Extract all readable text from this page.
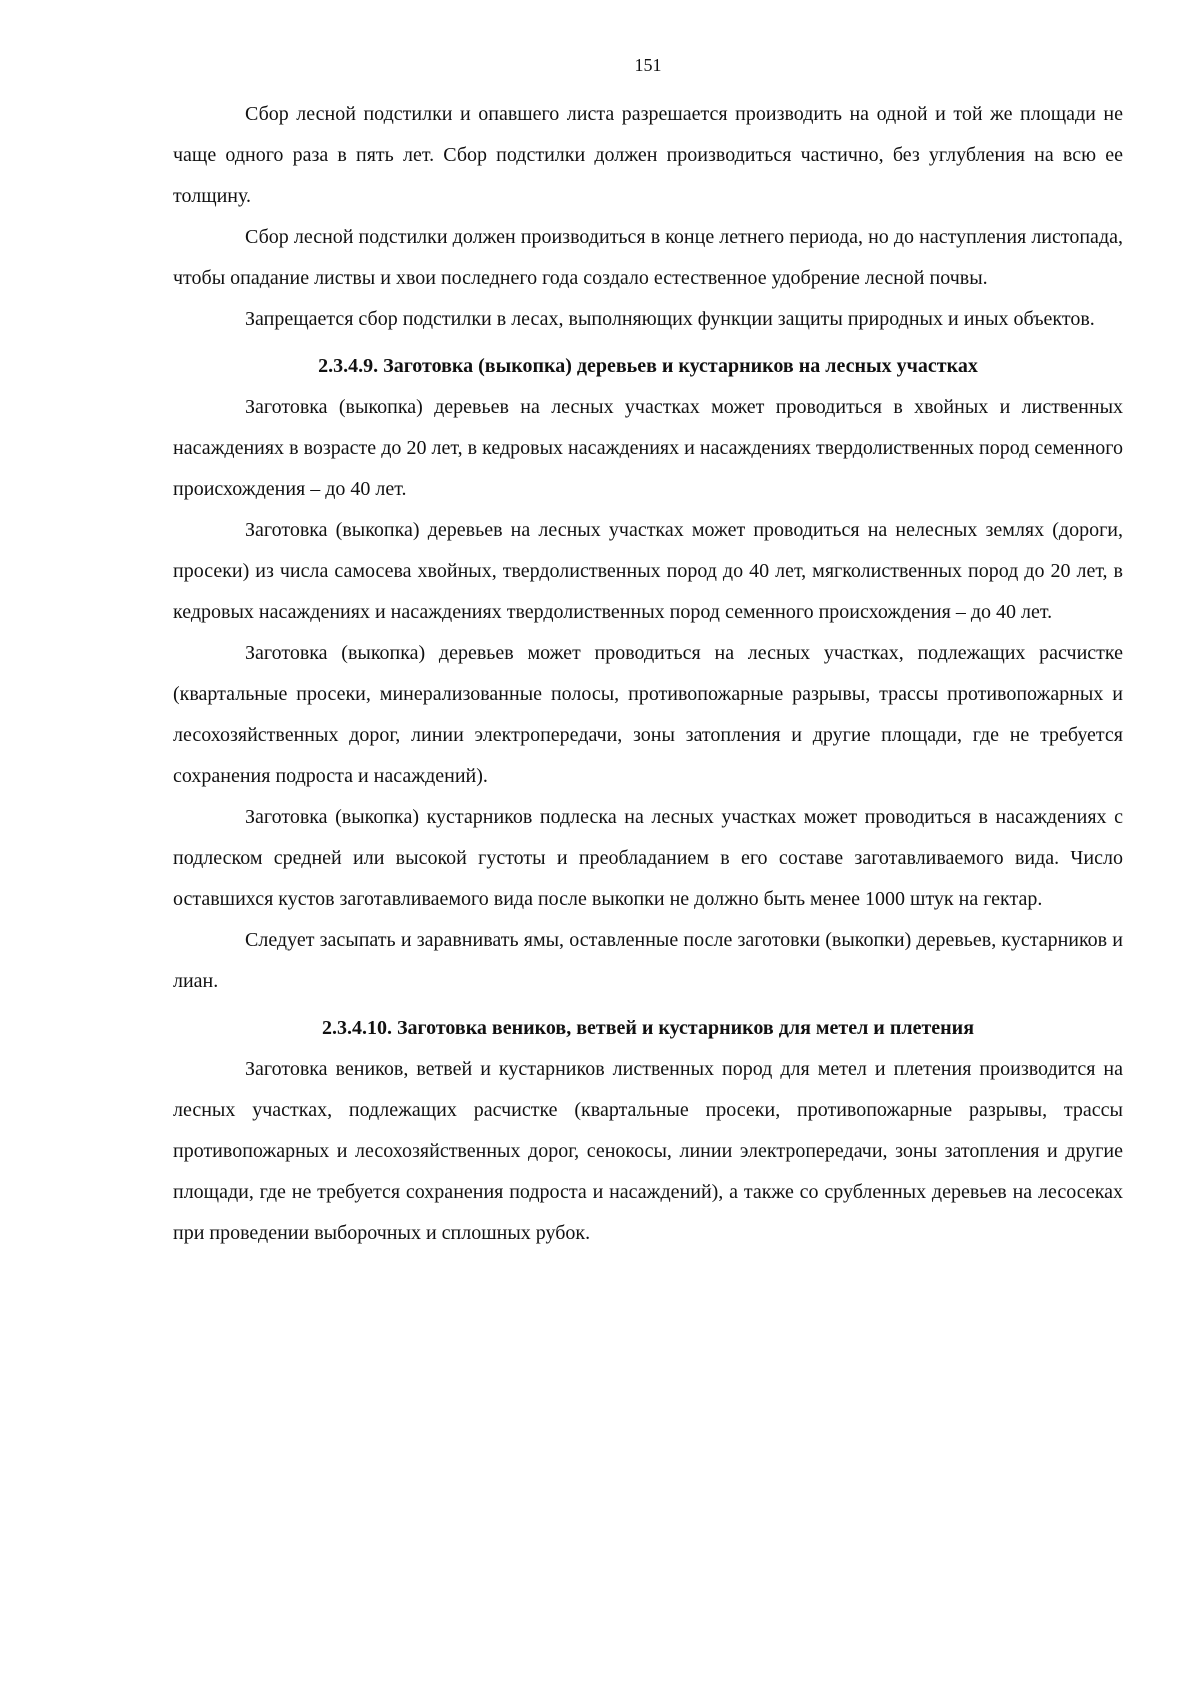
151

Сбор лесной подстилки и опавшего листа разрешается производить на одной и той же площади не чаще одного раза в пять лет. Сбор подстилки должен производиться частично, без углубления на всю ее толщину.

Сбор лесной подстилки должен производиться в конце летнего периода, но до наступления листопада, чтобы опадание листвы и хвои последнего года создало естественное удобрение лесной почвы.

Запрещается сбор подстилки в лесах, выполняющих функции защиты природных и иных объектов.

2.3.4.9. Заготовка (выкопка) деревьев и кустарников на лесных участках

Заготовка (выкопка) деревьев на лесных участках может проводиться в хвойных и лиственных насаждениях в возрасте до 20 лет, в кедровых насаждениях и насаждениях твердолиственных пород семенного происхождения – до 40 лет.

Заготовка (выкопка) деревьев на лесных участках может проводиться на нелесных землях (дороги, просеки) из числа самосева хвойных, твердолиственных пород до 40 лет, мягколиственных пород до 20 лет, в кедровых насаждениях и насаждениях твердолиственных пород семенного происхождения – до 40 лет.

Заготовка (выкопка) деревьев может проводиться на лесных участках, подлежащих расчистке (квартальные просеки, минерализованные полосы, противопожарные разрывы, трассы противопожарных и лесохозяйственных дорог, линии электропередачи, зоны затопления и другие площади, где не требуется сохранения подроста и насаждений).

Заготовка (выкопка) кустарников подлеска на лесных участках может проводиться в насаждениях с подлеском средней или высокой густоты и преобладанием в его составе заготавливаемого вида. Число оставшихся кустов заготавливаемого вида после выкопки не должно быть менее 1000 штук на гектар.

Следует засыпать и заравнивать ямы, оставленные после заготовки (выкопки) деревьев, кустарников и лиан.

2.3.4.10. Заготовка веников, ветвей и кустарников для метел и плетения

Заготовка веников, ветвей и кустарников лиственных пород для метел и плетения производится на лесных участках, подлежащих расчистке (квартальные просеки, противопожарные разрывы, трассы противопожарных и лесохозяйственных дорог, сенокосы, линии электропередачи, зоны затопления и другие площади, где не требуется сохранения подроста и насаждений), а также со срубленных деревьев на лесосеках при проведении выборочных и сплошных рубок.
